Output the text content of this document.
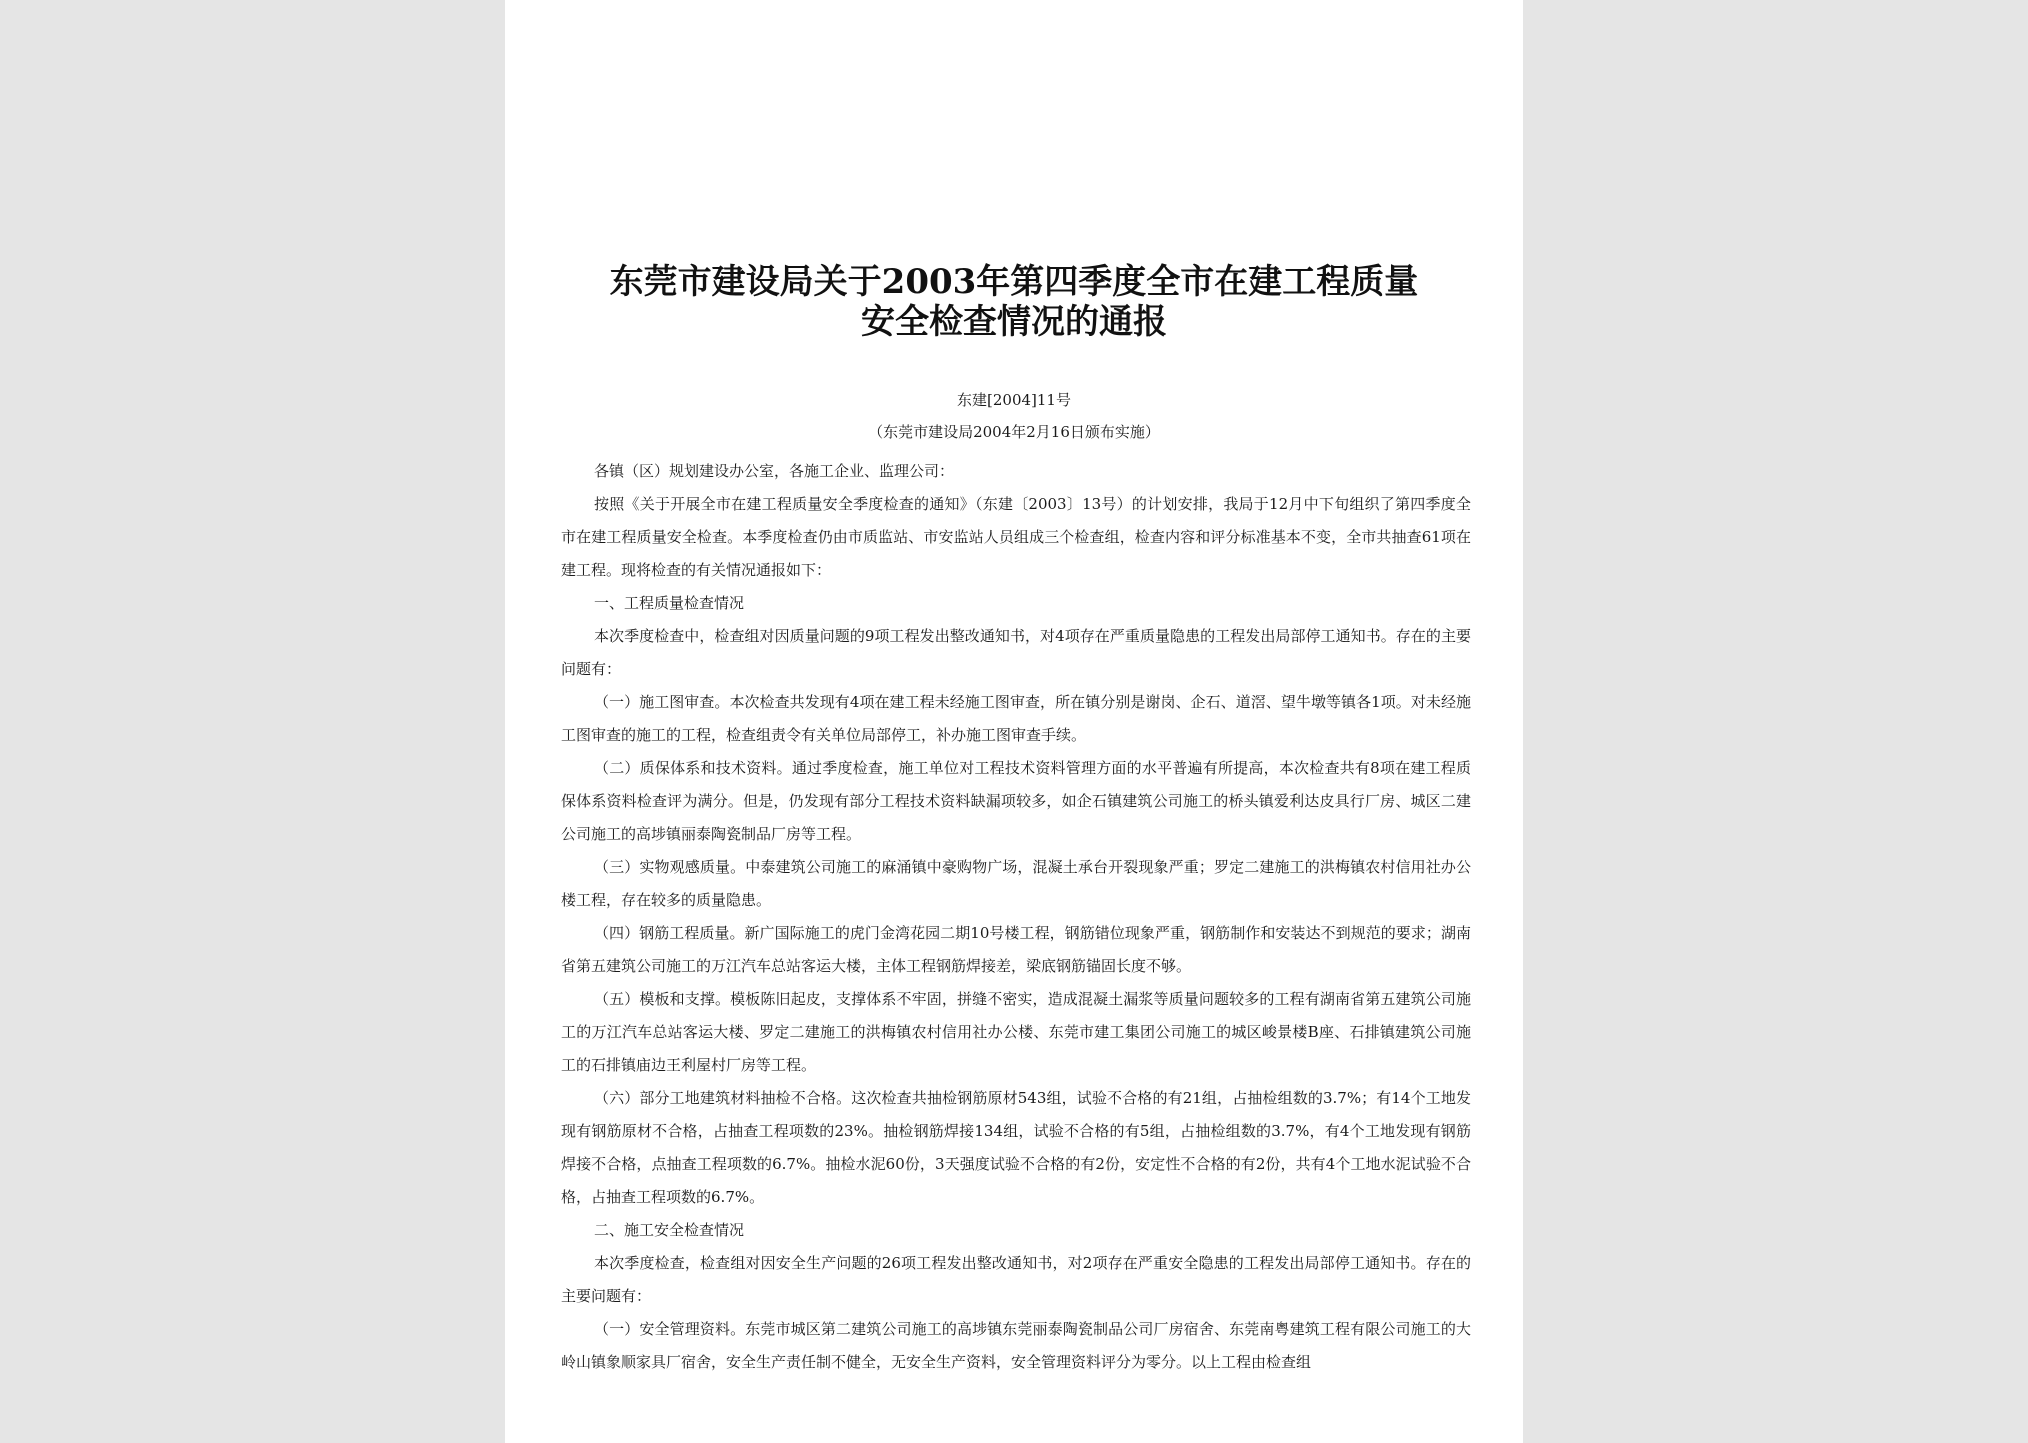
东莞市建设局关于2003年第四季度全市在建工程质量
安全检查情况的通报
东建[2004]11号
（东莞市建设局2004年2月16日颁布实施）

各镇（区）规划建设办公室，各施工企业、监理公司：

按照《关于开展全市在建工程质量安全季度检查的通知》（东建〔2003〕13号）的计划安排，我局于12月中下旬组织了第四季度全市在建工程质量安全检查。本季度检查仍由市质监站、市安监站人员组成三个检查组，检查内容和评分标准基本不变，全市共抽查61项在建工程。现将检查的有关情况通报如下：

一、工程质量检查情况

本次季度检查中，检查组对因质量问题的9项工程发出整改通知书，对4项存在严重质量隐患的工程发出局部停工通知书。存在的主要问题有：

（一）施工图审查。本次检查共发现有4项在建工程未经施工图审查，所在镇分别是谢岗、企石、道滘、望牛墩等镇各1项。对未经施工图审查的施工的工程，检查组责令有关单位局部停工，补办施工图审查手续。

（二）质保体系和技术资料。通过季度检查，施工单位对工程技术资料管理方面的水平普遍有所提高，本次检查共有8项在建工程质保体系资料检查评为满分。但是，仍发现有部分工程技术资料缺漏项较多，如企石镇建筑公司施工的桥头镇爱利达皮具行厂房、城区二建公司施工的高埗镇丽泰陶瓷制品厂房等工程。

（三）实物观感质量。中泰建筑公司施工的麻涌镇中豪购物广场，混凝土承台开裂现象严重；罗定二建施工的洪梅镇农村信用社办公楼工程，存在较多的质量隐患。

（四）钢筋工程质量。新广国际施工的虎门金湾花园二期10号楼工程，钢筋错位现象严重，钢筋制作和安装达不到规范的要求；湖南省第五建筑公司施工的万江汽车总站客运大楼，主体工程钢筋焊接差，梁底钢筋锚固长度不够。

（五）模板和支撑。模板陈旧起皮，支撑体系不牢固，拼缝不密实，造成混凝土漏浆等质量问题较多的工程有湖南省第五建筑公司施工的万江汽车总站客运大楼、罗定二建施工的洪梅镇农村信用社办公楼、东莞市建工集团公司施工的城区峻景楼B座、石排镇建筑公司施工的石排镇庙边王利屋村厂房等工程。

（六）部分工地建筑材料抽检不合格。这次检查共抽检钢筋原材543组，试验不合格的有21组，占抽检组数的3.7%；有14个工地发现有钢筋原材不合格，占抽查工程项数的23%。抽检钢筋焊接134组，试验不合格的有5组，占抽检组数的3.7%，有4个工地发现有钢筋焊接不合格，点抽查工程项数的6.7%。抽检水泥60份，3天强度试验不合格的有2份，安定性不合格的有2份，共有4个工地水泥试验不合格，占抽查工程项数的6.7%。

二、施工安全检查情况

本次季度检查，检查组对因安全生产问题的26项工程发出整改通知书，对2项存在严重安全隐患的工程发出局部停工通知书。存在的主要问题有：

（一）安全管理资料。东莞市城区第二建筑公司施工的高埗镇东莞丽泰陶瓷制品公司厂房宿舍、东莞南粤建筑工程有限公司施工的大岭山镇象顺家具厂宿舍，安全生产责任制不健全，无安全生产资料，安全管理资料评分为零分。以上工程由检查组
